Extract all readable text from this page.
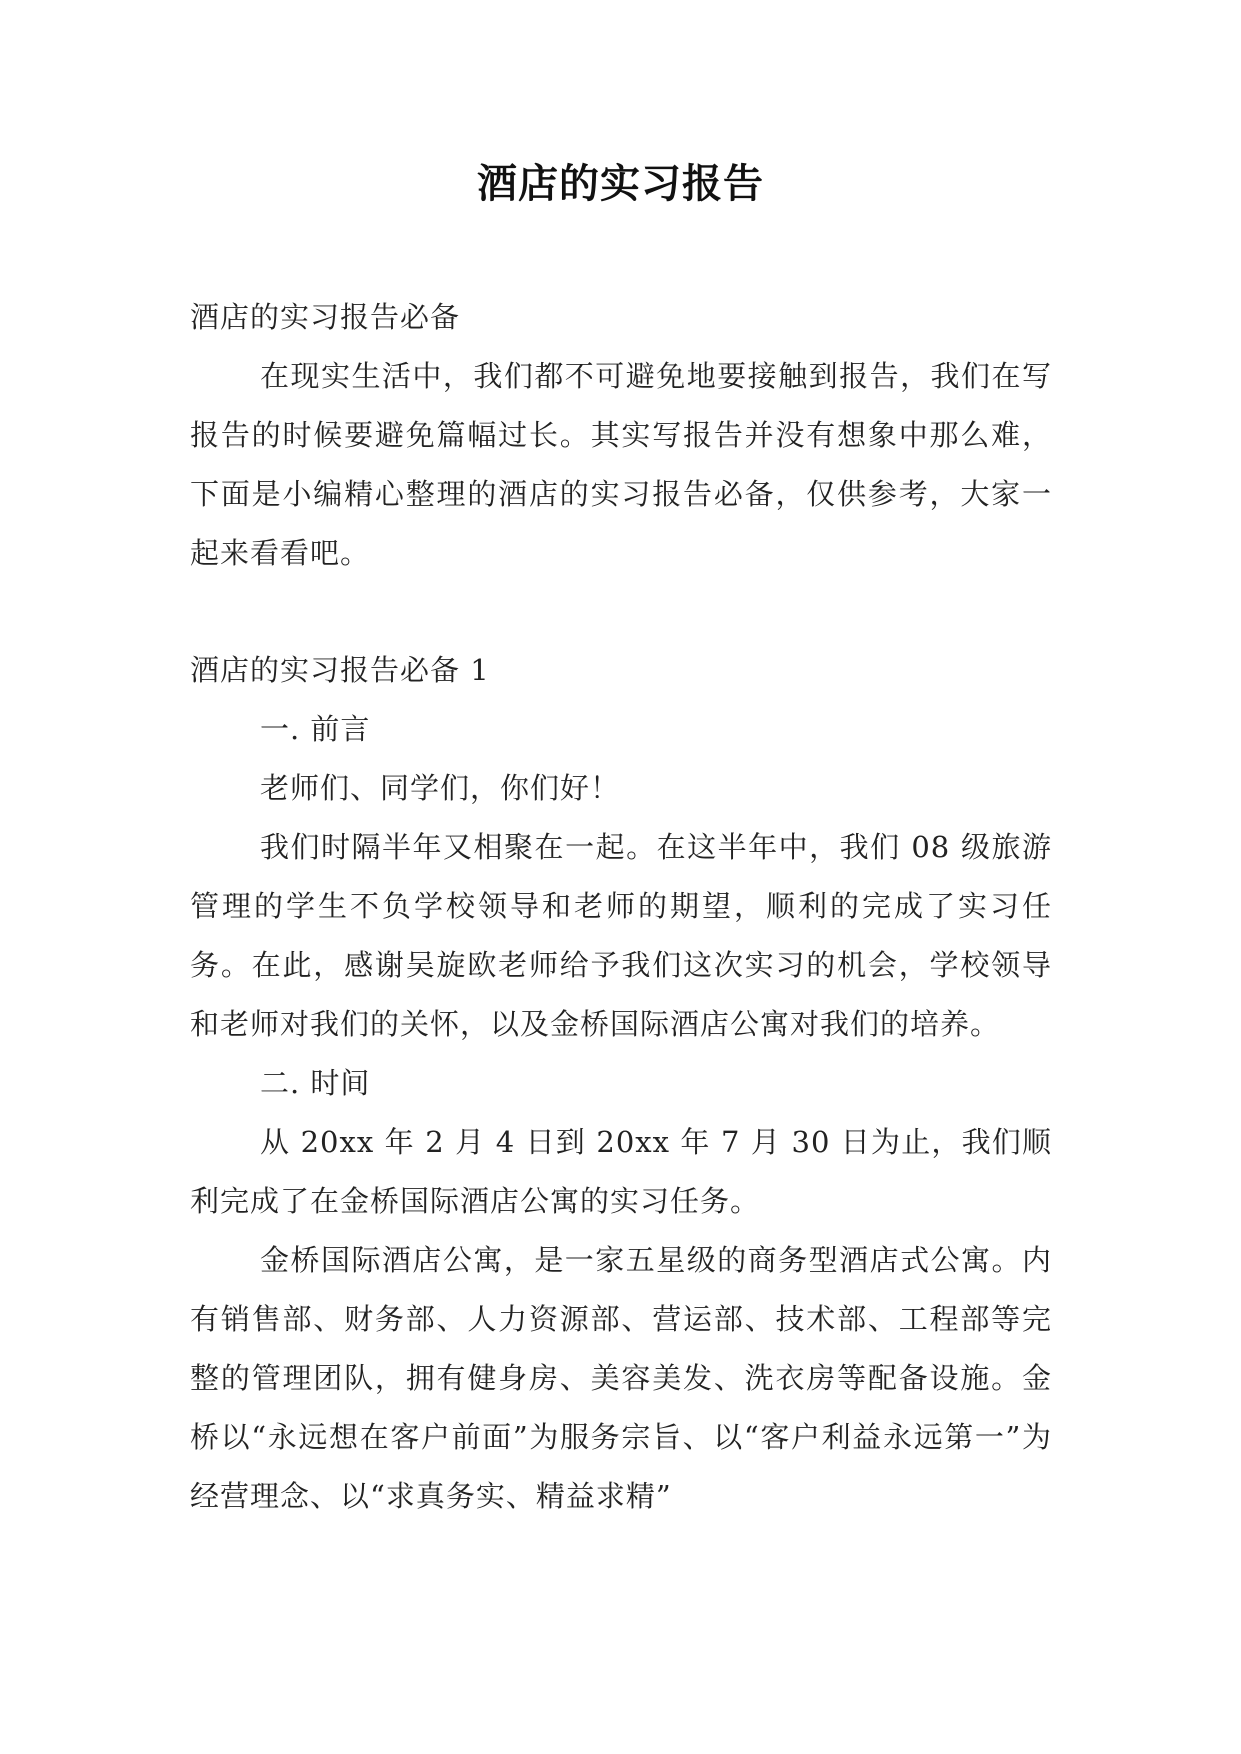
酒店的实习报告

酒店的实习报告必备

在现实生活中，我们都不可避免地要接触到报告，我们在写报告的时候要避免篇幅过长。其实写报告并没有想象中那么难，下面是小编精心整理的酒店的实习报告必备，仅供参考，大家一起来看看吧。

酒店的实习报告必备 1

一. 前言

老师们、同学们，你们好！

我们时隔半年又相聚在一起。在这半年中，我们 08 级旅游管理的学生不负学校领导和老师的期望，顺利的完成了实习任务。在此，感谢吴旋欧老师给予我们这次实习的机会，学校领导和老师对我们的关怀，以及金桥国际酒店公寓对我们的培养。

二. 时间

从 20xx 年 2 月 4 日到 20xx 年 7 月 30 日为止，我们顺利完成了在金桥国际酒店公寓的实习任务。

金桥国际酒店公寓，是一家五星级的商务型酒店式公寓。内有销售部、财务部、人力资源部、营运部、技术部、工程部等完整的管理团队，拥有健身房、美容美发、洗衣房等配备设施。金桥以“永远想在客户前面”为服务宗旨、以“客户利益永远第一”为经营理念、以“求真务实、精益求精”
